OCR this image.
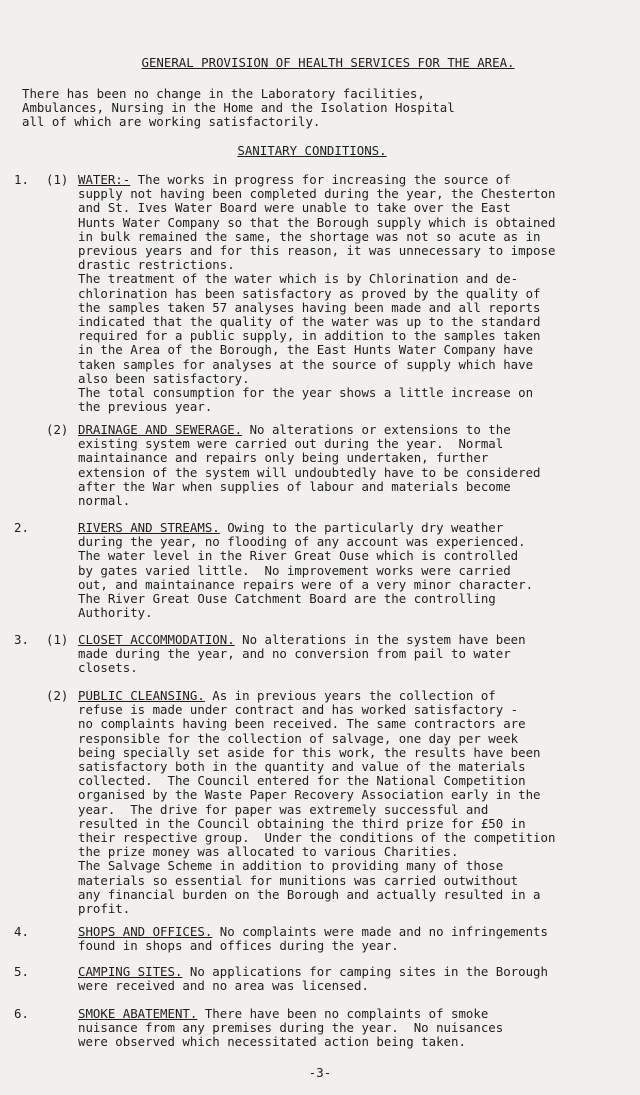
GENERAL PROVISION OF HEALTH SERVICES FOR THE AREA.
There has been no change in the Laboratory facilities,
Ambulances, Nursing in the Home and the Isolation Hospital
all of which are working satisfactorily.
SANITARY CONDITIONS.
1. (1) WATER:- The works in progress for increasing the source of
supply not having been completed during the year, the Chesterton
and St. Ives Water Board were unable to take over the East
Hunts Water Company so that the Borough supply which is obtained
in bulk remained the same, the shortage was not so acute as in
previous years and for this reason, it was unnecessary to impose
drastic restrictions.
The treatment of the water which is by Chlorination and de-
chlorination has been satisfactory as proved by the quality of
the samples taken 57 analyses having been made and all reports
indicated that the quality of the water was up to the standard
required for a public supply, in addition to the samples taken
in the Area of the Borough, the East Hunts Water Company have
taken samples for analyses at the source of supply which have
also been satisfactory.
The total consumption for the year shows a little increase on
the previous year.
(2) DRAINAGE AND SEWERAGE. No alterations or extensions to the
existing system were carried out during the year.  Normal
maintainance and repairs only being undertaken, further
extension of the system will undoubtedly have to be considered
after the War when supplies of labour and materials become
normal.
2.	RIVERS AND STREAMS. Owing to the particularly dry weather
during the year, no flooding of any account was experienced.
The water level in the River Great Ouse which is controlled
by gates varied little.  No improvement works were carried
out, and maintainance repairs were of a very minor character.
The River Great Ouse Catchment Board are the controlling
Authority.
3. (1) CLOSET ACCOMMODATION. No alterations in the system have been
made during the year, and no conversion from pail to water
closets.
(2) PUBLIC CLEANSING. As in previous years the collection of
refuse is made under contract and has worked satisfactory -
no complaints having been received. The same contractors are
responsible for the collection of salvage, one day per week
being specially set aside for this work, the results have been
satisfactory both in the quantity and value of the materials
collected.  The Council entered for the National Competition
organised by the Waste Paper Recovery Association early in the
year.  The drive for paper was extremely successful and
resulted in the Council obtaining the third prize for £50 in
their respective group.  Under the conditions of the competition
the prize money was allocated to various Charities.
The Salvage Scheme in addition to providing many of those
materials so essential for munitions was carried outwithout
any financial burden on the Borough and actually resulted in a
profit.
4.	SHOPS AND OFFICES. No complaints were made and no infringements
found in shops and offices during the year.
5.	CAMPING SITES. No applications for camping sites in the Borough
were received and no area was licensed.
6.	SMOKE ABATEMENT. There have been no complaints of smoke
nuisance from any premises during the year.  No nuisances
were observed which necessitated action being taken.
-3-
